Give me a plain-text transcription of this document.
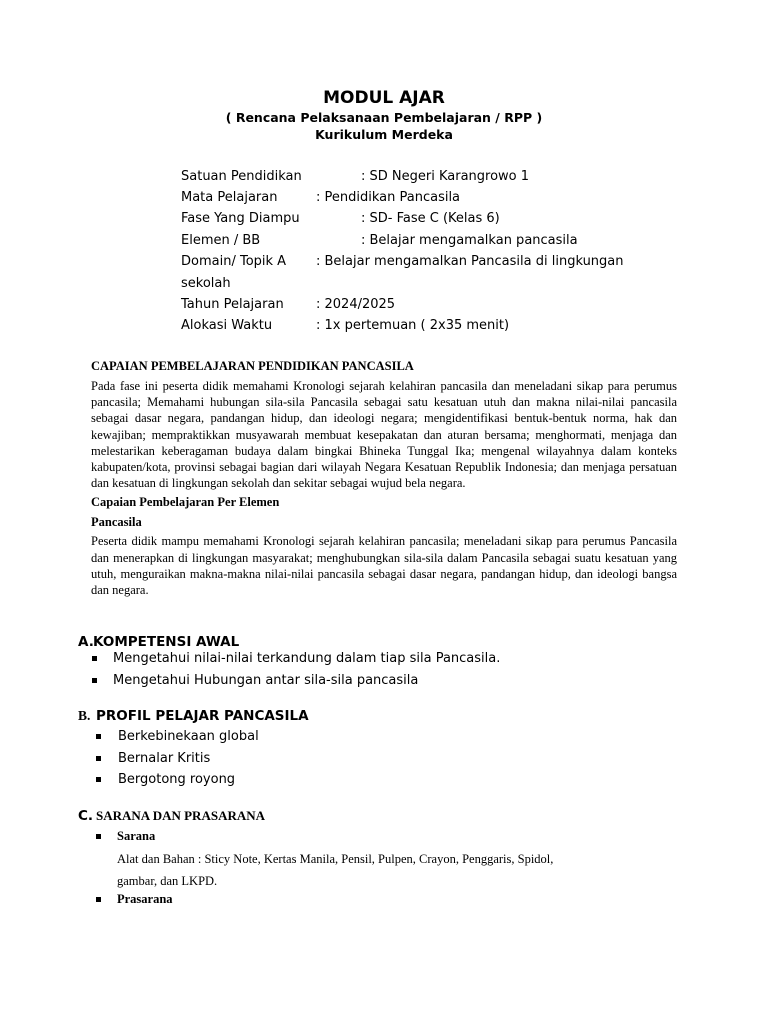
MODUL AJAR
( Rencana Pelaksanaan Pembelajaran / RPP )
Kurikulum Merdeka
Satuan Pendidikan	: SD Negeri Karangrowo 1
Mata Pelajaran	: Pendidikan Pancasila
Fase Yang Diampu	: SD- Fase C (Kelas 6)
Elemen / BB	: Belajar mengamalkan pancasila
Domain/ Topik A : Belajar mengamalkan Pancasila di lingkungan
sekolah
Tahun Pelajaran : 2024/2025
Alokasi Waktu	: 1x pertemuan ( 2x35 menit)
CAPAIAN PEMBELAJARAN PENDIDIKAN PANCASILA

Pada fase ini peserta didik memahami Kronologi sejarah kelahiran pancasila dan meneladani sikap para perumus pancasila; Memahami hubungan sila-sila Pancasila sebagai satu kesatuan utuh dan makna nilai-nilai pancasila sebagai dasar negara, pandangan hidup, dan ideologi negara; mengidentifikasi bentuk-bentuk norma, hak dan kewajiban; mempraktikkan musyawarah membuat kesepakatan dan aturan bersama; menghormati, menjaga dan melestarikan keberagaman budaya dalam bingkai Bhineka Tunggal Ika; mengenal wilayahnya dalam konteks kabupaten/kota, provinsi sebagai bagian dari wilayah Negara Kesatuan Republik Indonesia; dan menjaga persatuan dan kesatuan di lingkungan sekolah dan sekitar sebagai wujud bela negara.

Capaian Pembelajaran Per Elemen
Pancasila

Peserta didik mampu memahami Kronologi sejarah kelahiran pancasila; meneladani sikap para perumus Pancasila dan menerapkan di lingkungan masyarakat; menghubungkan sila-sila dalam Pancasila sebagai suatu kesatuan yang utuh, menguraikan makna-makna nilai-nilai pancasila sebagai dasar negara, pandangan hidup, dan ideologi bangsa dan negara.

A.KOMPETENSI AWAL
Mengetahui nilai-nilai terkandung dalam tiap sila Pancasila.
Mengetahui Hubungan antar sila-sila pancasila
B. PROFIL PELAJAR PANCASILA
Berkebinekaan global
Bernalar Kritis
Bergotong royong
C. SARANA DAN PRASARANA
Sarana
Alat dan Bahan : Sticy Note, Kertas Manila, Pensil, Pulpen, Crayon, Penggaris, Spidol,
gambar, dan LKPD.
Prasarana
